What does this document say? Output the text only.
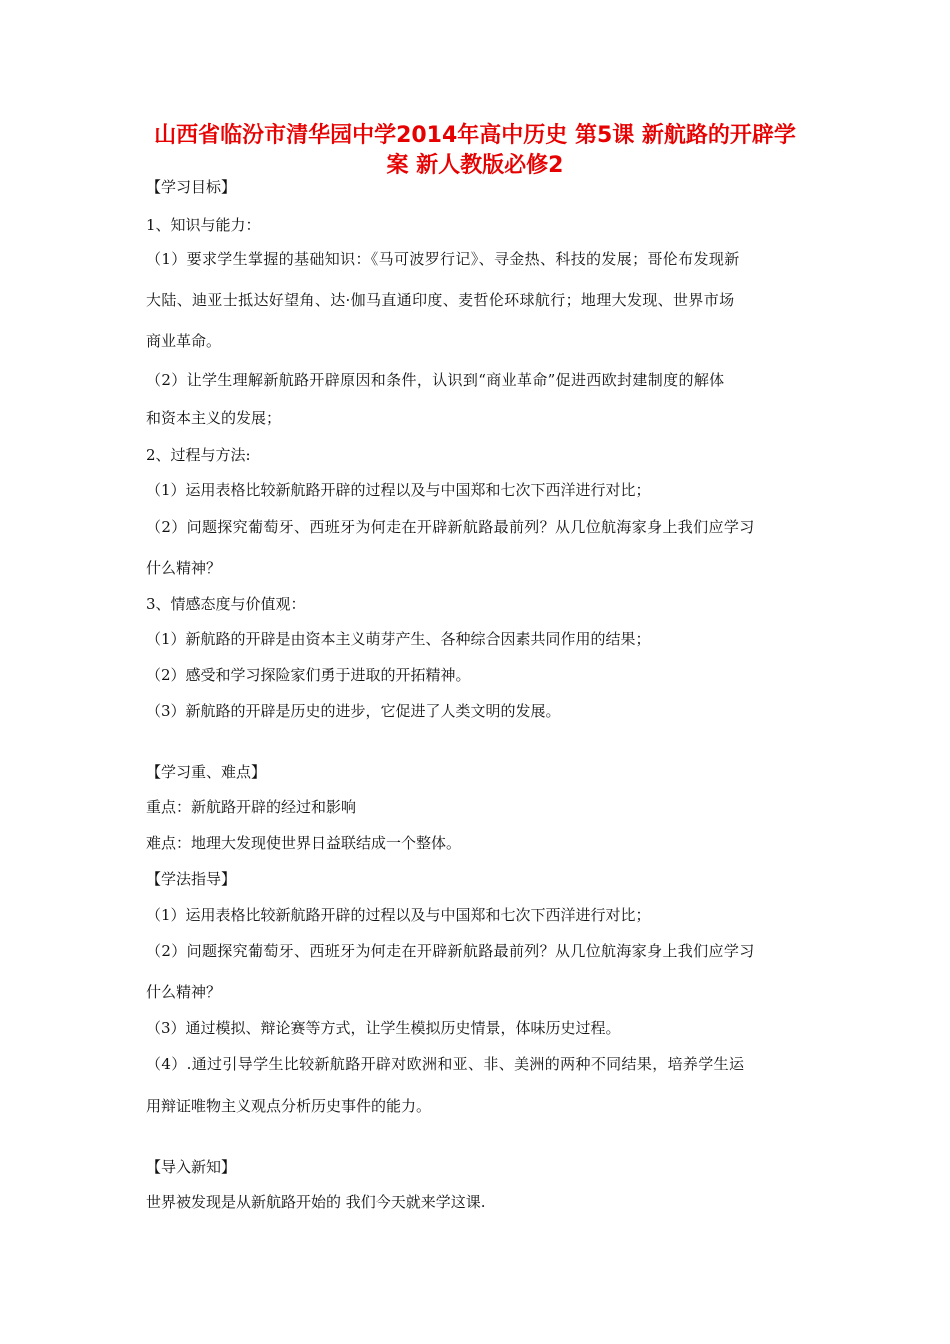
山西省临汾市清华园中学2014年高中历史 第5课 新航路的开辟学
案 新人教版必修2
【学习目标】
1、知识与能力：
（1）要求学生掌握的基础知识：《马可波罗行记》、寻金热、科技的发展；哥伦布发现新
大陆、迪亚士抵达好望角、达·伽马直通印度、麦哲伦环球航行；地理大发现、世界市场
商业革命。
（2）让学生理解新航路开辟原因和条件，认识到“商业革命”促进西欧封建制度的解体
和资本主义的发展；
2、过程与方法:
（1）运用表格比较新航路开辟的过程以及与中国郑和七次下西洋进行对比；
（2）问题探究葡萄牙、西班牙为何走在开辟新航路最前列？从几位航海家身上我们应学习
什么精神？
3、情感态度与价值观：
（1）新航路的开辟是由资本主义萌芽产生、各种综合因素共同作用的结果；
（2）感受和学习探险家们勇于进取的开拓精神。
（3）新航路的开辟是历史的进步，它促进了人类文明的发展。
【学习重、难点】
重点：新航路开辟的经过和影响
难点：地理大发现使世界日益联结成一个整体。
【学法指导】
（1）运用表格比较新航路开辟的过程以及与中国郑和七次下西洋进行对比；
（2）问题探究葡萄牙、西班牙为何走在开辟新航路最前列？从几位航海家身上我们应学习
什么精神？
（3）通过模拟、辩论赛等方式，让学生模拟历史情景，体味历史过程。
（4）.通过引导学生比较新航路开辟对欧洲和亚、非、美洲的两种不同结果，培养学生运
用辩证唯物主义观点分析历史事件的能力。
【导入新知】
世界被发现是从新航路开始的 我们今天就来学这课.
